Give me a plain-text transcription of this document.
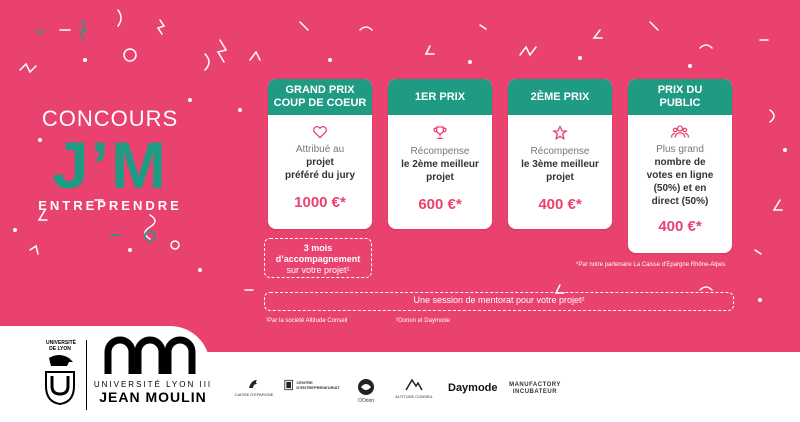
CONCOURS
J’M
ENTREPRENDRE
GRAND PRIX
COUP DE COEUR
Attribué au
projet
préféré du jury
1000 €*
1ER PRIX
Récompense
le 2ème meilleur
projet
600 €*
2ÈME PRIX
Récompense
le 3ème meilleur
projet
400 €*
PRIX DU
PUBLIC
Plus grand
nombre de
votes en ligne
(50%) et en
direct (50%)
400 €*
3 mois
d’accompagnement
sur votre projet¹	*Par notre partenaire La Caisse d’Epargne Rhône-Alpes
Une session de mentorat pour votre projet²
¹Par la société Altitude Conseil	²Oorion et Daymode
UNIVERSITÉ DE LYON
UNIVERSITÉ LYON III
JEAN MOULIN	CAISSE D’EPARGNE
CENTRE D’ENTREPRENEURIAT
OOrion
ALTITUDE CONSEIL
Daymode MANUFACTORY INCUBATEUR
